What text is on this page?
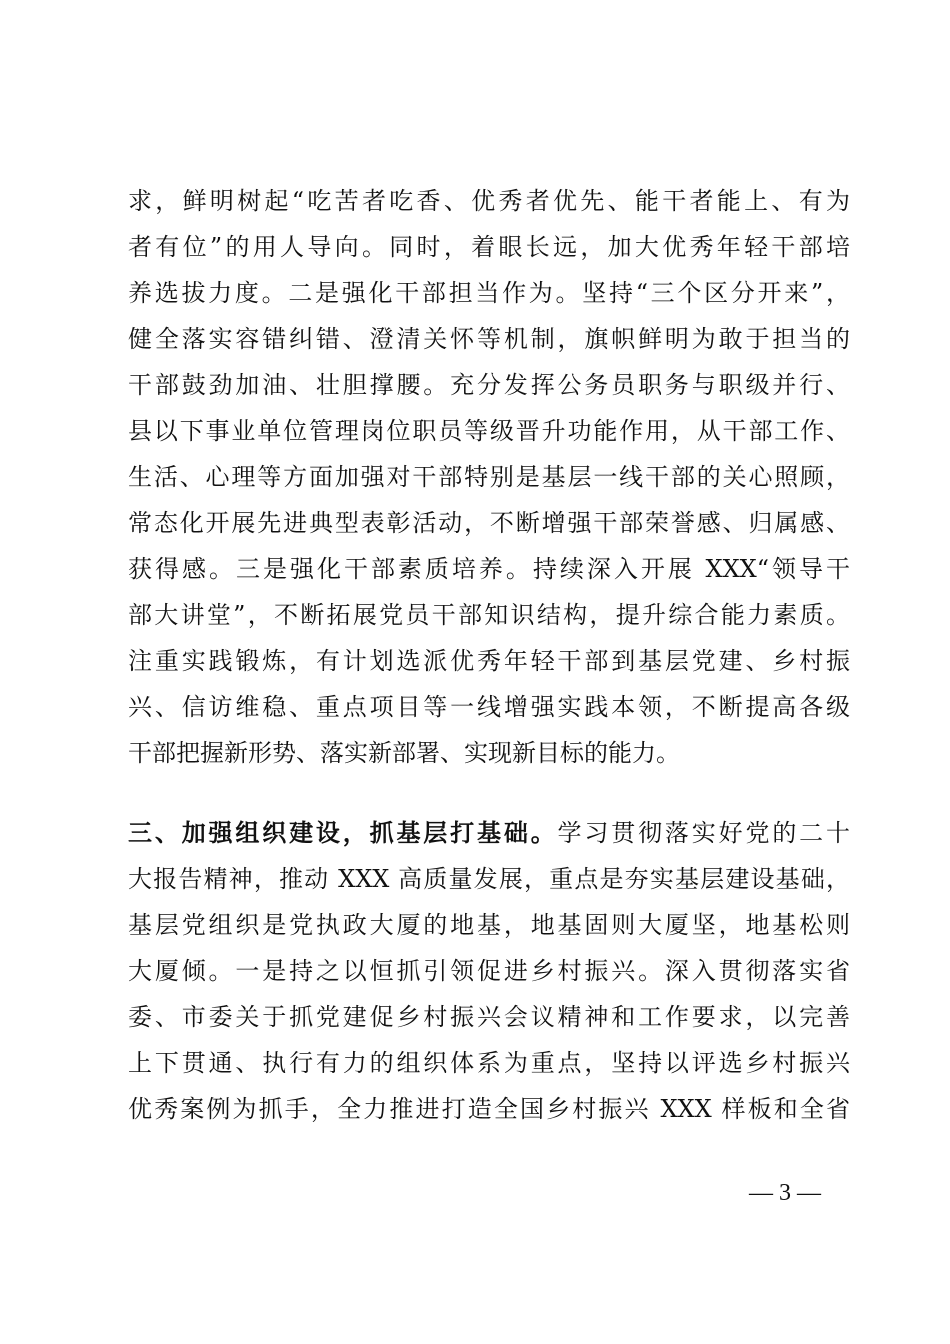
求，鲜明树起“吃苦者吃香、优秀者优先、能干者能上、有为
者有位”的用人导向。同时，着眼长远，加大优秀年轻干部培
养选拔力度。二是强化干部担当作为。坚持“三个区分开来”，
健全落实容错纠错、澄清关怀等机制，旗帜鲜明为敢于担当的
干部鼓劲加油、壮胆撑腰。充分发挥公务员职务与职级并行、
县以下事业单位管理岗位职员等级晋升功能作用，从干部工作、
生活、心理等方面加强对干部特别是基层一线干部的关心照顾，
常态化开展先进典型表彰活动，不断增强干部荣誉感、归属感、
获得感。三是强化干部素质培养。持续深入开展 XXX“领导干
部大讲堂”，不断拓展党员干部知识结构，提升综合能力素质。
注重实践锻炼，有计划选派优秀年轻干部到基层党建、乡村振
兴、信访维稳、重点项目等一线增强实践本领，不断提高各级
干部把握新形势、落实新部署、实现新目标的能力。
三、加强组织建设，抓基层打基础。学习贯彻落实好党的二十
大报告精神，推动 XXX 高质量发展，重点是夯实基层建设基础，
基层党组织是党执政大厦的地基，地基固则大厦坚，地基松则
大厦倾。一是持之以恒抓引领促进乡村振兴。深入贯彻落实省
委、市委关于抓党建促乡村振兴会议精神和工作要求，以完善
上下贯通、执行有力的组织体系为重点，坚持以评选乡村振兴
优秀案例为抓手，全力推进打造全国乡村振兴 XXX 样板和全省
— 3 —
